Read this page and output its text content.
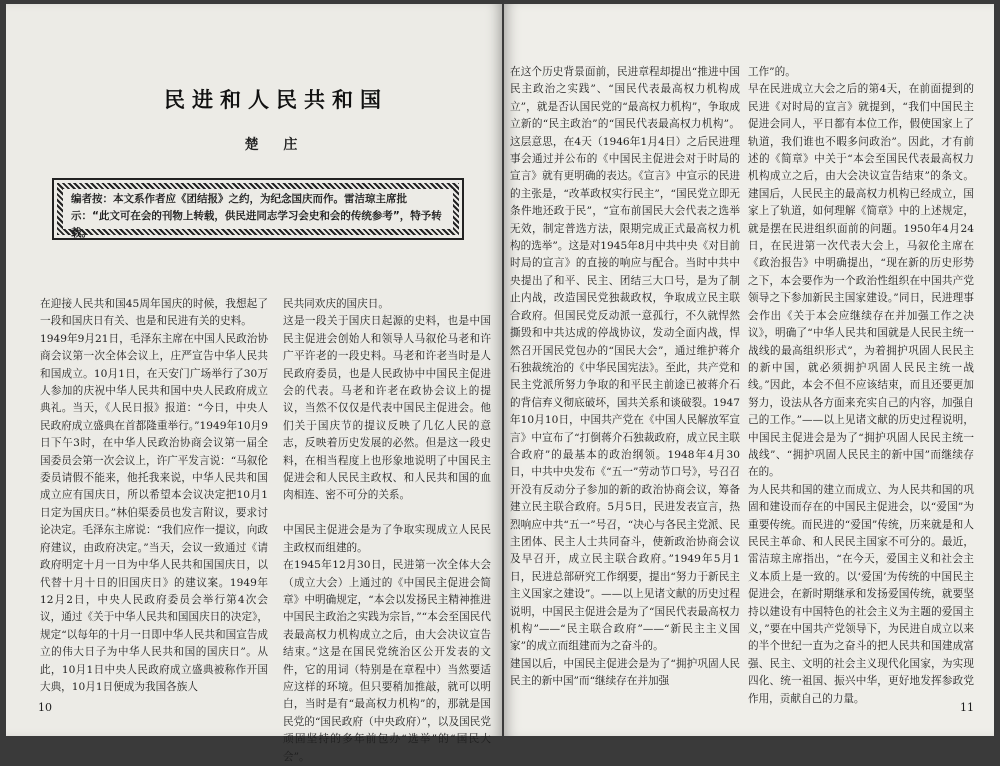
民进和人民共和国
楚 庄
编者按：本文系作者应《团结报》之约，为纪念国庆而作。雷洁琼主席批示：“此文可在会的刊物上转载，供民进同志学习会史和会的传统参考”，特予转载。
在迎接人民共和国45周年国庆的时候，我想起了一段和国庆日有关、也是和民进有关的史料。
1949年9月21日，毛泽东主席在中国人民政治协商会议第一次全体会议上，庄严宣告中华人民共和国成立。10月1日，在天安门广场举行了30万人参加的庆祝中华人民共和国中央人民政府成立典礼。当天，《人民日报》报道：“今日，中央人民政府成立盛典在首都隆重举行。”1949年10月9日下午3时，在中华人民政治协商会议第一届全国委员会第一次会议上，许广平发言说：“马叙伦委员请假不能来，他托我来说，中华人民共和国成立应有国庆日，所以希望本会议决定把10月1日定为国庆日。”林伯渠委员也发言附议，要求讨论决定。毛泽东主席说：“我们应作一提议，向政府建议，由政府决定。”当天，会议一致通过《请政府明定十月一日为中华人民共和国国庆日，以代替十月十日的旧国庆日》的建议案。1949年12月2日，中央人民政府委员会举行第4次会议，通过《关于中华人民共和国国庆日的决定》，规定“以每年的十月一日即中华人民共和国宣告成立的伟大日子为中华人民共和国的国庆日”。从此，10月1日中央人民政府成立盛典被称作开国大典，10月1日便成为我国各族人
民共同欢庆的国庆日。
这是一段关于国庆日起源的史料，也是中国民主促进会创始人和领导人马叙伦马老和许广平许老的一段史料。马老和许老当时是人民政府委员，也是人民政协中中国民主促进会的代表。马老和许老在政协会议上的提议，当然不仅仅是代表中国民主促进会。他们关于国庆节的提议反映了几亿人民的意志，反映着历史发展的必然。但是这一段史料，在相当程度上也形象地说明了中国民主促进会和人民民主政权、和人民共和国的血肉相连、密不可分的关系。

中国民主促进会是为了争取实现成立人民民主政权而组建的。
在1945年12月30日，民进第一次全体大会（成立大会）上通过的《中国民主促进会简章》中明确规定，“本会以发扬民主精神推进中国民主政治之实践为宗旨，”“本会至国民代表最高权力机构成立之后，由大会决议宣告结束。”这是在国民党统治区公开发表的文件，它的用词（特别是在章程中）当然要适应这样的环境。但只要稍加推敲，就可以明白，当时是有“最高权力机构”的，那就是国民党的“国民政府（中央政府）”，以及国民党顽固坚持的多年前包办“选举”的“国民大会”。
10
在这个历史背景面前，民进章程却提出“推进中国民主政治之实践”、“国民代表最高权力机构成立”，就是否认国民党的“最高权力机构”，争取成立新的“民主政治”的“国民代表最高权力机构”。这层意思，在4天（1946年1月4日）之后民进理事会通过并公布的《中国民主促进会对于时局的宣言》就有更明确的表达。《宣言》中宣示的民进的主张是，“改革政权实行民主”，“国民党立即无条件地还政于民”，“宣布前国民大会代表之选举无效，制定普选方法，限期完成正式最高权力机构的选举”。这是对1945年8月中共中央《对目前时局的宣言》的直接的响应与配合。当时中共中央提出了和平、民主、团结三大口号，是为了制止内战，改造国民党独裁政权，争取成立民主联合政府。但国民党反动派一意孤行，不久就悍然撕毁和中共达成的停战协议，发动全面内战，悍然召开国民党包办的“国民大会”，通过维护蒋介石独裁统治的《中华民国宪法》。至此，共产党和民主党派所努力争取的和平民主前途已被蒋介石的背信弃义彻底破坏，国共关系和谈破裂。1947年10月10日，中国共产党在《中国人民解放军宣言》中宣布了“打倒蒋介石独裁政府，成立民主联合政府”的最基本的政治纲领。1948年4月30日，中共中央发布《“五一”劳动节口号》，号召召开没有反动分子参加的新的政治协商会议，筹备建立民主联合政府。5月5日，民进发表宣言，热烈响应中共“五一”号召，“决心与各民主党派、民主团体、民主人士共同奋斗，使新政治协商会议及早召开，成立民主联合政府。”1949年5月1日，民进总部研究工作纲要，提出“努力于新民主主义国家之建设”。——以上见诸文献的历史过程说明，中国民主促进会是为了“国民代表最高权力机构”——“民主联合政府”——“新民主主义国家”的成立而组建而为之奋斗的。
建国以后，中国民主促进会是为了“拥护巩固人民民主的新中国”而“继续存在并加强
工作”的。
早在民进成立大会之后的第4天，在前面提到的民进《对时局的宣言》就提到，“我们中国民主促进会同人，平日都有本位工作，假使国家上了轨道，我们谁也不暇多问政治”。因此，才有前述的《简章》中关于“本会至国民代表最高权力机构成立之后，由大会决议宣告结束”的条文。建国后，人民民主的最高权力机构已经成立，国家上了轨道，如何理解《简章》中的上述规定，就是摆在民进组织面前的问题。1950年4月24日，在民进第一次代表大会上，马叙伦主席在《政治报告》中明确提出，“现在新的历史形势之下，本会要作为一个政治性组织在中国共产党领导之下参加新民主国家建设。”同日，民进理事会作出《关于本会应继续存在并加强工作之决议》，明确了“中华人民共和国就是人民民主统一战线的最高组织形式”，为着拥护巩固人民民主的新中国，就必须拥护巩固人民民主统一战线。”因此，本会不但不应该结束，而且还要更加努力，设法从各方面来充实自己的内容，加强自己的工作。”——以上见诸文献的历史过程说明，中国民主促进会是为了“拥护巩固人民民主统一战线”、“拥护巩固人民民主的新中国”而继续存在的。
为人民共和国的建立而成立、为人民共和国的巩固和建设而存在的中国民主促进会，以“爱国”为重要传统。而民进的“爱国”传统，历来就是和人民民主革命、和人民民主国家不可分的。最近，雷洁琼主席指出，“在今天，爱国主义和社会主义本质上是一致的。以‘爱国’为传统的中国民主促进会，在新时期继承和发扬爱国传统，就要坚持以建设有中国特色的社会主义为主题的爱国主义，”要在中国共产党领导下，为民进自成立以来的半个世纪一直为之奋斗的把人民共和国建成富强、民主、文明的社会主义现代化国家，为实现四化、统一祖国、振兴中华，更好地发挥参政党作用，贡献自己的力量。
11
